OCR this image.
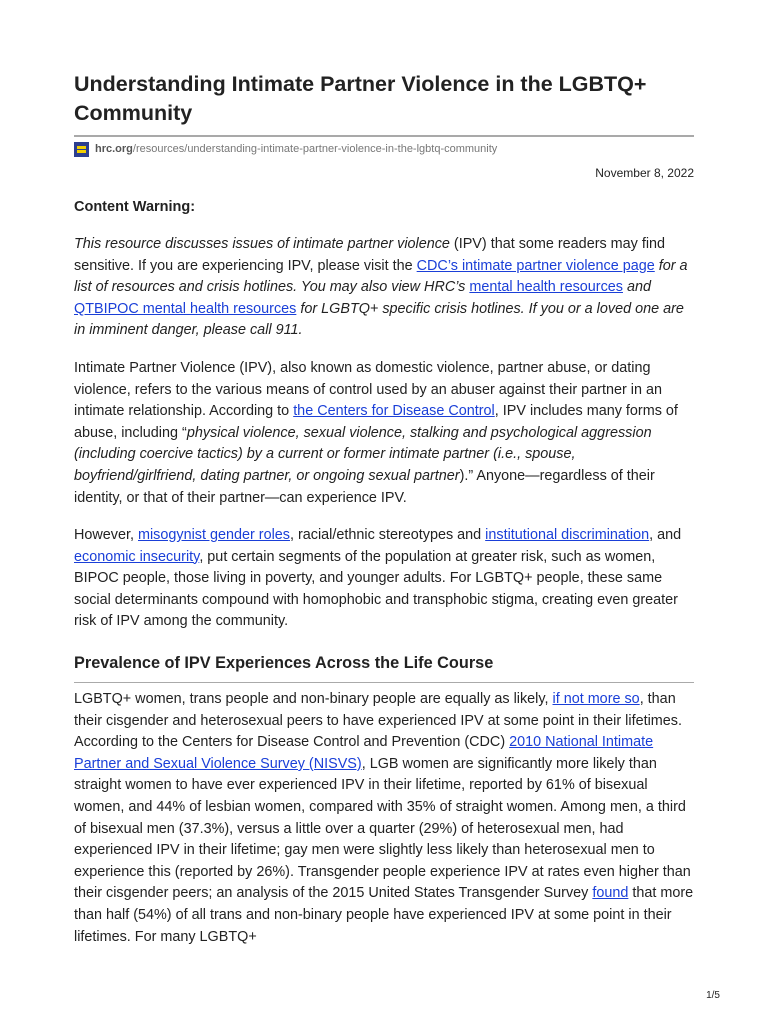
Understanding Intimate Partner Violence in the LGBTQ+ Community
hrc.org /resources/understanding-intimate-partner-violence-in-the-lgbtq-community
November 8, 2022

Content Warning:

This resource discusses issues of intimate partner violence (IPV) that some readers may find sensitive. If you are experiencing IPV, please visit the CDC’s intimate partner violence page for a list of resources and crisis hotlines. You may also view HRC’s mental health resources and QTBIPOC mental health resources for LGBTQ+ specific crisis hotlines. If you or a loved one are in imminent danger, please call 911.

Intimate Partner Violence (IPV), also known as domestic violence, partner abuse, or dating violence, refers to the various means of control used by an abuser against their partner in an intimate relationship. According to the Centers for Disease Control, IPV includes many forms of abuse, including “physical violence, sexual violence, stalking and psychological aggression (including coercive tactics) by a current or former intimate partner (i.e., spouse, boyfriend/girlfriend, dating partner, or ongoing sexual partner).” Anyone—regardless of their identity, or that of their partner—can experience IPV.

However, misogynist gender roles, racial/ethnic stereotypes and institutional discrimination, and economic insecurity, put certain segments of the population at greater risk, such as women, BIPOC people, those living in poverty, and younger adults. For LGBTQ+ people, these same social determinants compound with homophobic and transphobic stigma, creating even greater risk of IPV among the community.

Prevalence of IPV Experiences Across the Life Course

LGBTQ+ women, trans people and non-binary people are equally as likely, if not more so, than their cisgender and heterosexual peers to have experienced IPV at some point in their lifetimes. According to the Centers for Disease Control and Prevention (CDC) 2010 National Intimate Partner and Sexual Violence Survey (NISVS), LGB women are significantly more likely than straight women to have ever experienced IPV in their lifetime, reported by 61% of bisexual women, and 44% of lesbian women, compared with 35% of straight women. Among men, a third of bisexual men (37.3%), versus a little over a quarter (29%) of heterosexual men, had experienced IPV in their lifetime; gay men were slightly less likely than heterosexual men to experience this (reported by 26%). Transgender people experience IPV at rates even higher than their cisgender peers; an analysis of the 2015 United States Transgender Survey found that more than half (54%) of all trans and non-binary people have experienced IPV at some point in their lifetimes. For many LGBTQ+

1/5
